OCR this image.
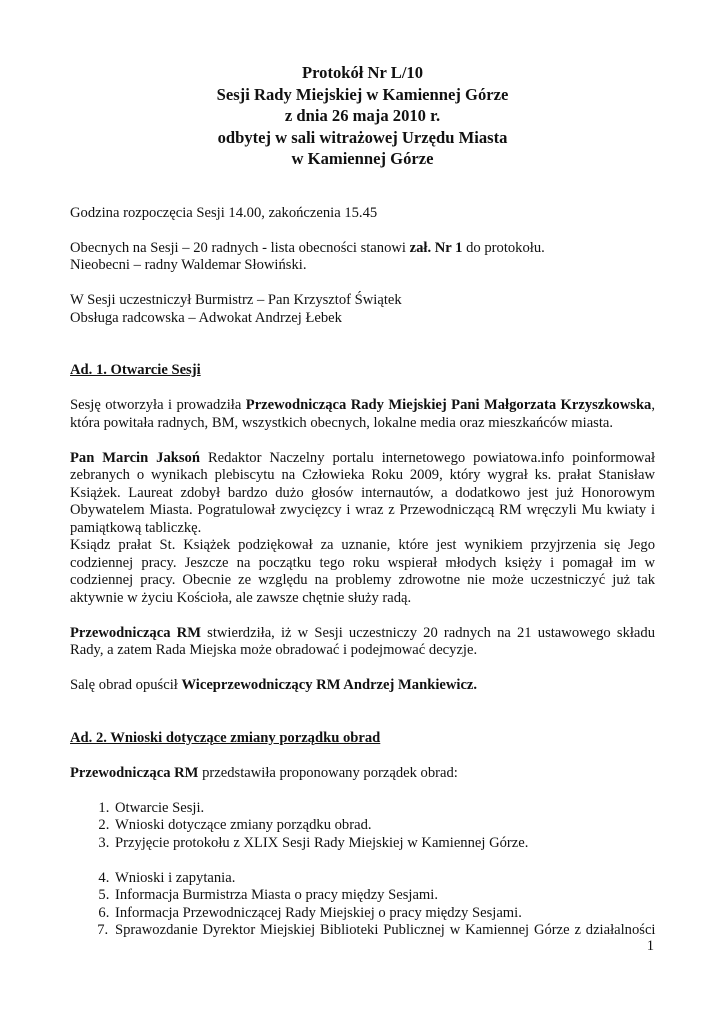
Protokół Nr L/10
Sesji Rady Miejskiej w Kamiennej Górze
z dnia 26 maja 2010 r.
odbytej w sali witrażowej Urzędu Miasta
w Kamiennej Górze

Godzina rozpoczęcia Sesji 14.00, zakończenia 15.45

Obecnych na Sesji – 20 radnych - lista obecności stanowi zał. Nr 1 do protokołu.

Nieobecni – radny Waldemar Słowiński.

W Sesji uczestniczył Burmistrz – Pan Krzysztof Świątek

Obsługa radcowska – Adwokat Andrzej Łebek

Ad. 1. Otwarcie Sesji

Sesję otworzyła i prowadziła Przewodnicząca Rady Miejskiej Pani Małgorzata Krzyszkowska, która powitała radnych, BM, wszystkich obecnych, lokalne media oraz mieszkańców miasta.

Pan Marcin Jaksoń Redaktor Naczelny portalu internetowego powiatowa.info poinformował zebranych o wynikach plebiscytu na Człowieka Roku 2009, który wygrał ks. prałat Stanisław Książek. Laureat zdobył bardzo dużo głosów internautów, a dodatkowo jest już Honorowym Obywatelem Miasta. Pogratulował zwycięzcy i wraz z Przewodniczącą RM wręczyli Mu kwiaty i pamiątkową tabliczkę.

Ksiądz prałat St. Książek podziękował za uznanie, które jest wynikiem przyjrzenia się Jego codziennej pracy. Jeszcze na początku tego roku wspierał młodych księży i pomagał im w codziennej pracy. Obecnie ze względu na problemy zdrowotne nie może uczestniczyć już tak aktywnie w życiu Kościoła, ale zawsze chętnie służy radą.

Przewodnicząca RM stwierdziła, iż w Sesji uczestniczy 20 radnych na 21 ustawowego składu Rady, a zatem Rada Miejska może obradować i podejmować decyzje.

Salę obrad opuścił Wiceprzewodniczący RM Andrzej Mankiewicz.

Ad. 2. Wnioski dotyczące zmiany porządku obrad

Przewodnicząca RM przedstawiła proponowany porządek obrad:

1. Otwarcie Sesji.
2. Wnioski dotyczące zmiany porządku obrad.
3. Przyjęcie protokołu z XLIX Sesji Rady Miejskiej w Kamiennej Górze.
4. Wnioski i zapytania.
5. Informacja Burmistrza Miasta o pracy między Sesjami.
6. Informacja Przewodniczącej Rady Miejskiej o pracy między Sesjami.
7. Sprawozdanie Dyrektor Miejskiej Biblioteki Publicznej w Kamiennej Górze z działalności
1
